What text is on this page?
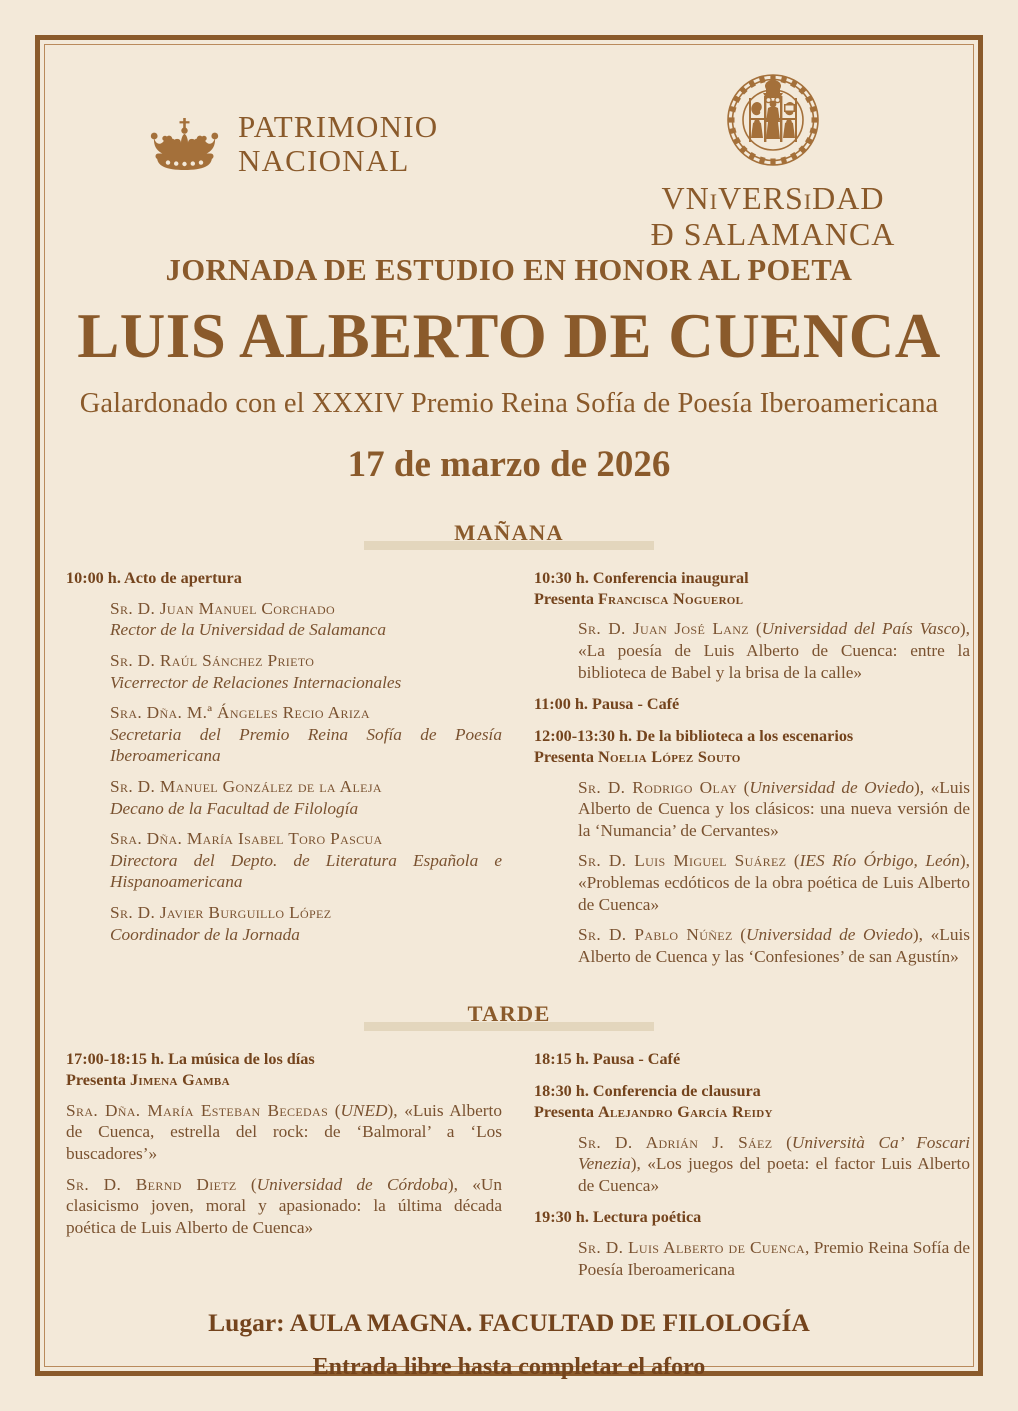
PATRIMONIO
NACIONAL
VNiVERSiDAD
Ð SALAMANCA
JORNADA DE ESTUDIO EN HONOR AL POETA
LUIS ALBERTO DE CUENCA
Galardonado con el XXXIV Premio Reina Sofía de Poesía Iberoamericana
17 de marzo de 2026
MAÑANA
10:00 h. Acto de apertura
Sr. D. Juan Manuel Corchado
Rector de la Universidad de Salamanca
Sr. D. Raúl Sánchez Prieto
Vicerrector de Relaciones Internacionales
Sra. Dña. M.ª Ángeles Recio Ariza
Secretaria del Premio Reina Sofía de Poesía Iberoamericana
Sr. D. Manuel González de la Aleja
Decano de la Facultad de Filología
Sra. Dña. María Isabel Toro Pascua
Directora del Depto. de Literatura Española e Hispanoamericana
Sr. D. Javier Burguillo López
Coordinador de la Jornada
10:30 h. Conferencia inaugural
Presenta Francisca Noguerol
Sr. D. Juan José Lanz (Universidad del País Vasco), «La poesía de Luis Alberto de Cuenca: entre la biblioteca de Babel y la brisa de la calle»
11:00 h. Pausa - Café
12:00-13:30 h. De la biblioteca a los escenarios
Presenta Noelia López Souto
Sr. D. Rodrigo Olay (Universidad de Oviedo), «Luis Alberto de Cuenca y los clásicos: una nueva versión de la ‘Numancia’ de Cervantes»
Sr. D. Luis Miguel Suárez (IES Río Órbigo, León), «Problemas ecdóticos de la obra poética de Luis Alberto de Cuenca»
Sr. D. Pablo Núñez (Universidad de Oviedo), «Luis Alberto de Cuenca y las ‘Confesiones’ de san Agustín»
TARDE
17:00-18:15 h. La música de los días
Presenta Jimena Gamba
Sra. Dña. María Esteban Becedas (UNED), «Luis Alberto de Cuenca, estrella del rock: de ‘Balmoral’ a ‘Los buscadores’»
Sr. D. Bernd Dietz (Universidad de Córdoba), «Un clasicismo joven, moral y apasionado: la última década poética de Luis Alberto de Cuenca»
18:15 h. Pausa - Café
18:30 h. Conferencia de clausura
Presenta Alejandro García Reidy
Sr. D. Adrián J. Sáez (Università Ca’ Foscari Venezia), «Los juegos del poeta: el factor Luis Alberto de Cuenca»
19:30 h. Lectura poética
Sr. D. Luis Alberto de Cuenca, Premio Reina Sofía de Poesía Iberoamericana
Lugar: AULA MAGNA. FACULTAD DE FILOLOGÍA
Entrada libre hasta completar el aforo
